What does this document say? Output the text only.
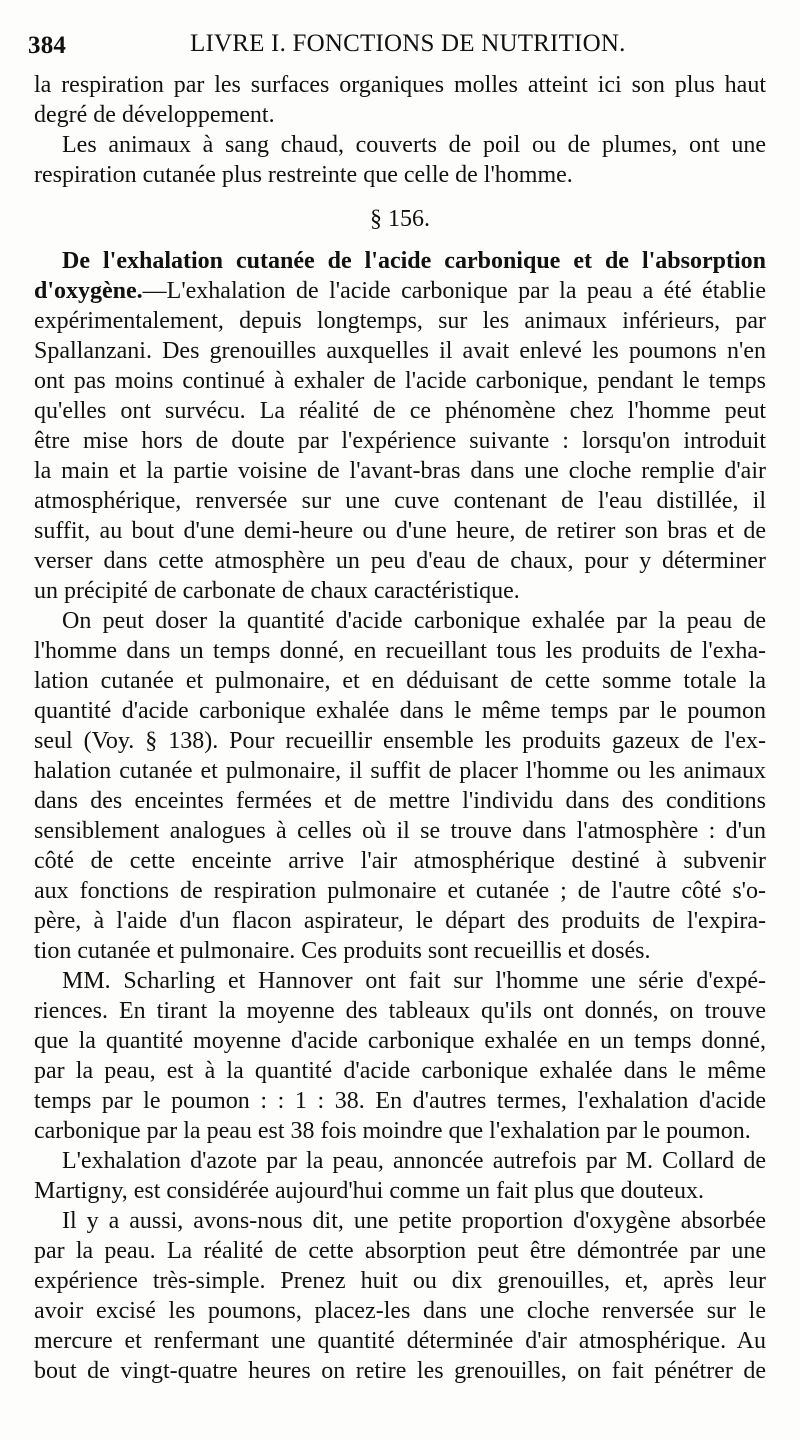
384	LIVRE I. FONCTIONS DE NUTRITION.
la respiration par les surfaces organiques molles atteint ici son plus haut
degré de développement.
Les animaux à sang chaud, couverts de poil ou de plumes, ont une
respiration cutanée plus restreinte que celle de l'homme.
§ 156.
De l'exhalation cutanée de l'acide carbonique et de l'absorption
d'oxygène.—L'exhalation de l'acide carbonique par la peau a été établie
expérimentalement, depuis longtemps, sur les animaux inférieurs, par
Spallanzani. Des grenouilles auxquelles il avait enlevé les poumons n'en
ont pas moins continué à exhaler de l'acide carbonique, pendant le temps
qu'elles ont survécu. La réalité de ce phénomène chez l'homme peut
être mise hors de doute par l'expérience suivante : lorsqu'on introduit
la main et la partie voisine de l'avant-bras dans une cloche remplie d'air
atmosphérique, renversée sur une cuve contenant de l'eau distillée, il
suffit, au bout d'une demi-heure ou d'une heure, de retirer son bras et de
verser dans cette atmosphère un peu d'eau de chaux, pour y déterminer
un précipité de carbonate de chaux caractéristique.
On peut doser la quantité d'acide carbonique exhalée par la peau de
l'homme dans un temps donné, en recueillant tous les produits de l'exha-
lation cutanée et pulmonaire, et en déduisant de cette somme totale la
quantité d'acide carbonique exhalée dans le même temps par le poumon
seul (Voy. § 138). Pour recueillir ensemble les produits gazeux de l'ex-
halation cutanée et pulmonaire, il suffit de placer l'homme ou les animaux
dans des enceintes fermées et de mettre l'individu dans des conditions
sensiblement analogues à celles où il se trouve dans l'atmosphère : d'un
côté de cette enceinte arrive l'air atmosphérique destiné à subvenir
aux fonctions de respiration pulmonaire et cutanée ; de l'autre côté s'o-
père, à l'aide d'un flacon aspirateur, le départ des produits de l'expira-
tion cutanée et pulmonaire. Ces produits sont recueillis et dosés.
MM. Scharling et Hannover ont fait sur l'homme une série d'expé-
riences. En tirant la moyenne des tableaux qu'ils ont donnés, on trouve
que la quantité moyenne d'acide carbonique exhalée en un temps donné,
par la peau, est à la quantité d'acide carbonique exhalée dans le même
temps par le poumon : : 1 : 38. En d'autres termes, l'exhalation d'acide
carbonique par la peau est 38 fois moindre que l'exhalation par le poumon.
L'exhalation d'azote par la peau, annoncée autrefois par M. Collard de
Martigny, est considérée aujourd'hui comme un fait plus que douteux.
Il y a aussi, avons-nous dit, une petite proportion d'oxygène absorbée
par la peau. La réalité de cette absorption peut être démontrée par une
expérience très-simple. Prenez huit ou dix grenouilles, et, après leur
avoir excisé les poumons, placez-les dans une cloche renversée sur le
mercure et renfermant une quantité déterminée d'air atmosphérique. Au
bout de vingt-quatre heures on retire les grenouilles, on fait pénétrer de
